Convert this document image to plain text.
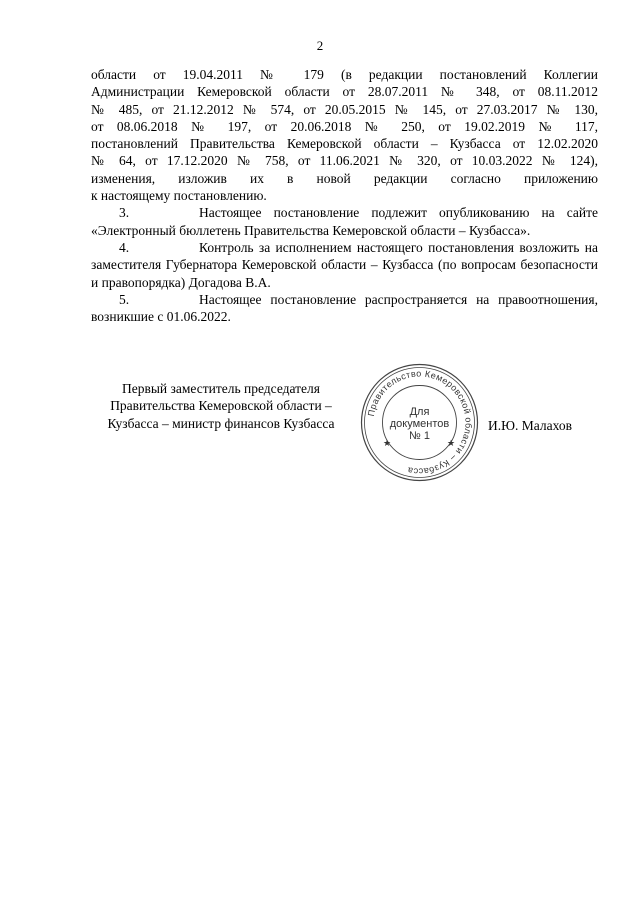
2
области от 19.04.2011 № 179 (в редакции постановлений Коллегии
Администрации Кемеровской области от 28.07.2011 № 348, от 08.11.2012
№ 485, от 21.12.2012 № 574, от 20.05.2015 № 145, от 27.03.2017 № 130,
от 08.06.2018 № 197, от 20.06.2018 № 250, от 19.02.2019 № 117,
постановлений Правительства Кемеровской области – Кузбасса от 12.02.2020
№ 64, от 17.12.2020 № 758, от 11.06.2021 № 320, от 10.03.2022 № 124),
изменения, изложив их в новой редакции согласно приложению
к настоящему постановлению.
3.	Настоящее постановление подлежит опубликованию на сайте «Электронный бюллетень Правительства Кемеровской области – Кузбасса».
4.	Контроль за исполнением настоящего постановления возложить на заместителя Губернатора Кемеровской области – Кузбасса (по вопросам безопасности и правопорядка) Догадова В.А.
5.	Настоящее постановление распространяется на правоотношения, возникшие с 01.06.2022.
Первый заместитель председателя
Правительства Кемеровской области –
Кузбасса – министр финансов Кузбасса	И.Ю. Малахов
Правительство Кемеровской области – Кузбасса
★	★
Для
документов
№ 1
